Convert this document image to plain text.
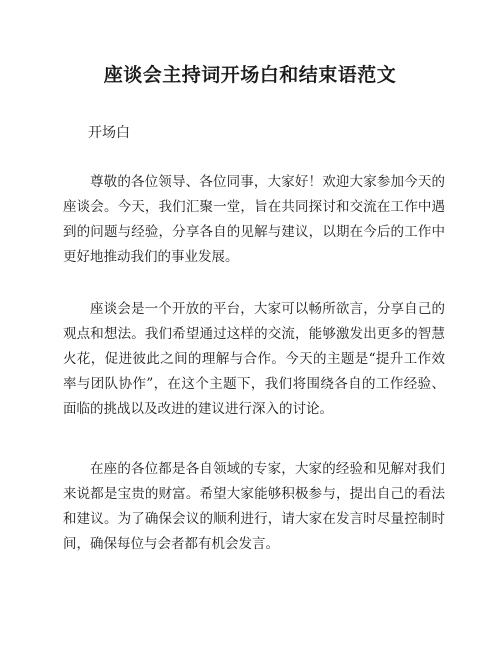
座谈会主持词开场白和结束语范文
开场白

尊敬的各位领导、各位同事，大家好！欢迎大家参加今天的座谈会。今天，我们汇聚一堂，旨在共同探讨和交流在工作中遇到的问题与经验，分享各自的见解与建议，以期在今后的工作中更好地推动我们的事业发展。

座谈会是一个开放的平台，大家可以畅所欲言，分享自己的观点和想法。我们希望通过这样的交流，能够激发出更多的智慧火花，促进彼此之间的理解与合作。今天的主题是“提升工作效率与团队协作”，在这个主题下，我们将围绕各自的工作经验、面临的挑战以及改进的建议进行深入的讨论。

在座的各位都是各自领域的专家，大家的经验和见解对我们来说都是宝贵的财富。希望大家能够积极参与，提出自己的看法和建议。为了确保会议的顺利进行，请大家在发言时尽量控制时间，确保每位与会者都有机会发言。
